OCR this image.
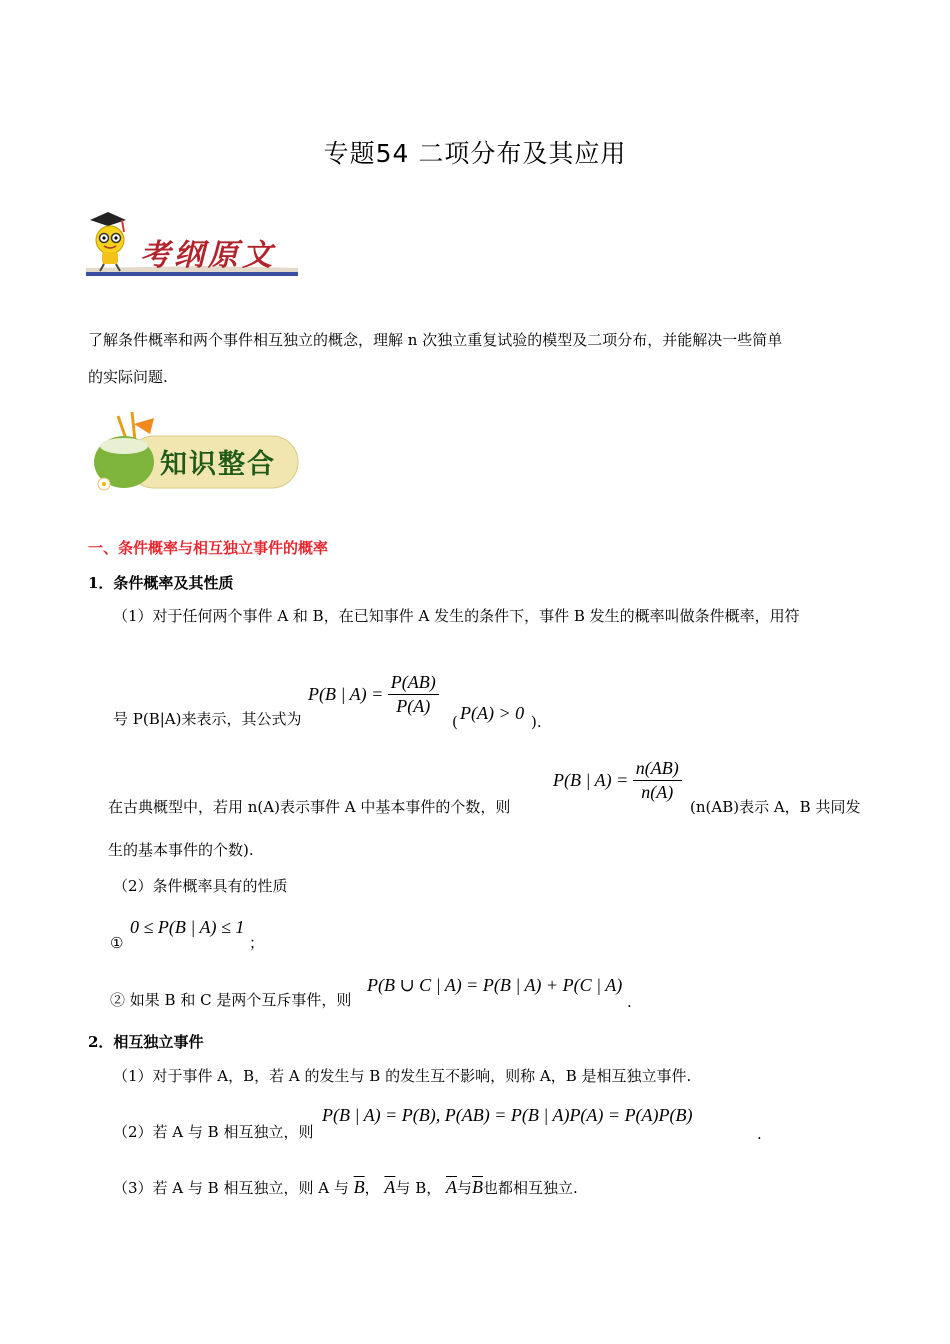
专题54 二项分布及其应用
考纲原文
了解条件概率和两个事件相互独立的概念，理解 n 次独立重复试验的模型及二项分布，并能解决一些简单
的实际问题.
知识整合
一、条件概率与相互独立事件的概率
1．条件概率及其性质
（1）对于任何两个事件 A 和 B，在已知事件 A 发生的条件下，事件 B 发生的概率叫做条件概率，用符
号 P(B|A)来表示，其公式为
P(B | $A) = \frac{P(AB)}{P(A)}$
( P(A) > 0 ).
在古典概型中，若用 n(A)表示事件 A 中基本事件的个数，则
P(B | $A) = \frac{n(AB)}{n(A)}$
(n(AB)表示 A，B 共同发
生的基本事件的个数).
（2）条件概率具有的性质
①
0 ≤ P(B | A) ≤ 1
；
② 如果 B 和 C 是两个互斥事件，则
P(B ∪ C | A) = P(B | A) + P(C | A)
.
2．相互独立事件
（1）对于事件 A，B，若 A 的发生与 B 的发生互不影响，则称 A，B 是相互独立事件.
（2）若 A 与 B 相互独立，则
P(B | A) = P(B), P(AB) = P(B | A)P(A) = P(A)P(B)
.
（3）若 A 与 B 相互独立，则 A 与 $\overline{B}$， $\overline{A}$与 B， $\overline{A}$与$\overline{B}$也都相互独立.
